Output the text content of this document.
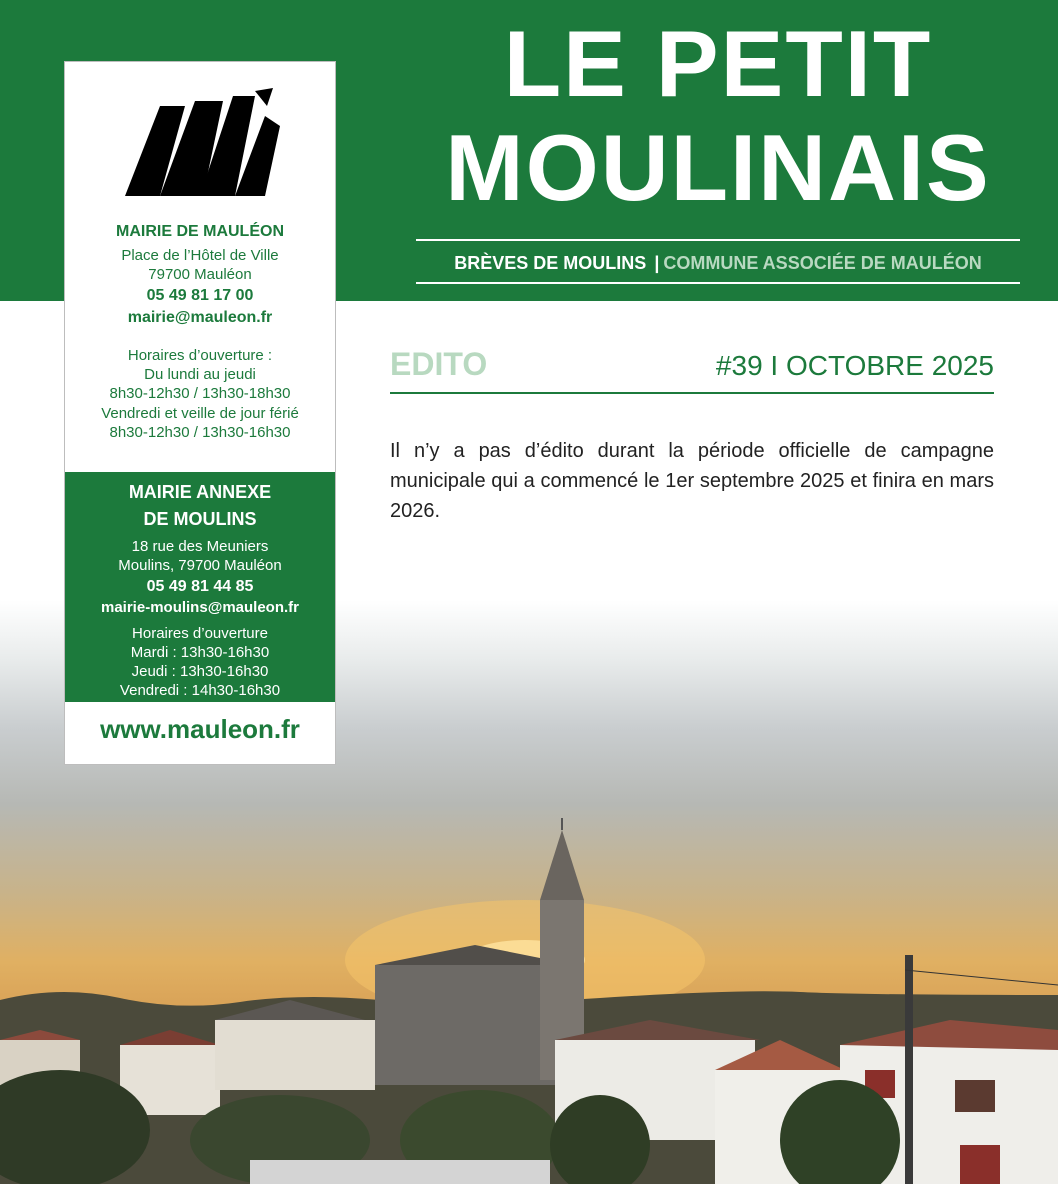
LE PETIT
MOULINAIS
BRÈVES DE MOULINS | COMMUNE ASSOCIÉE DE MAULÉON
MAIRIE DE MAULÉON
Place de l’Hôtel de Ville
79700 Mauléon
05 49 81 17 00
mairie@mauleon.fr
Horaires d’ouverture :
Du lundi au jeudi
8h30-12h30 / 13h30-18h30
Vendredi et veille de jour férié
8h30-12h30 / 13h30-16h30
MAIRIE ANNEXE
DE MOULINS
18 rue des Meuniers
Moulins, 79700 Mauléon
05 49 81 44 85
mairie-moulins@mauleon.fr
Horaires d’ouverture
Mardi : 13h30-16h30
Jeudi : 13h30-16h30
Vendredi : 14h30-16h30
www.mauleon.fr
EDITO	#39 I OCTOBRE 2025
Il n’y a pas d’édito durant la période officielle de campagne municipale qui a commencé le 1er septembre 2025 et finira en mars 2026.
